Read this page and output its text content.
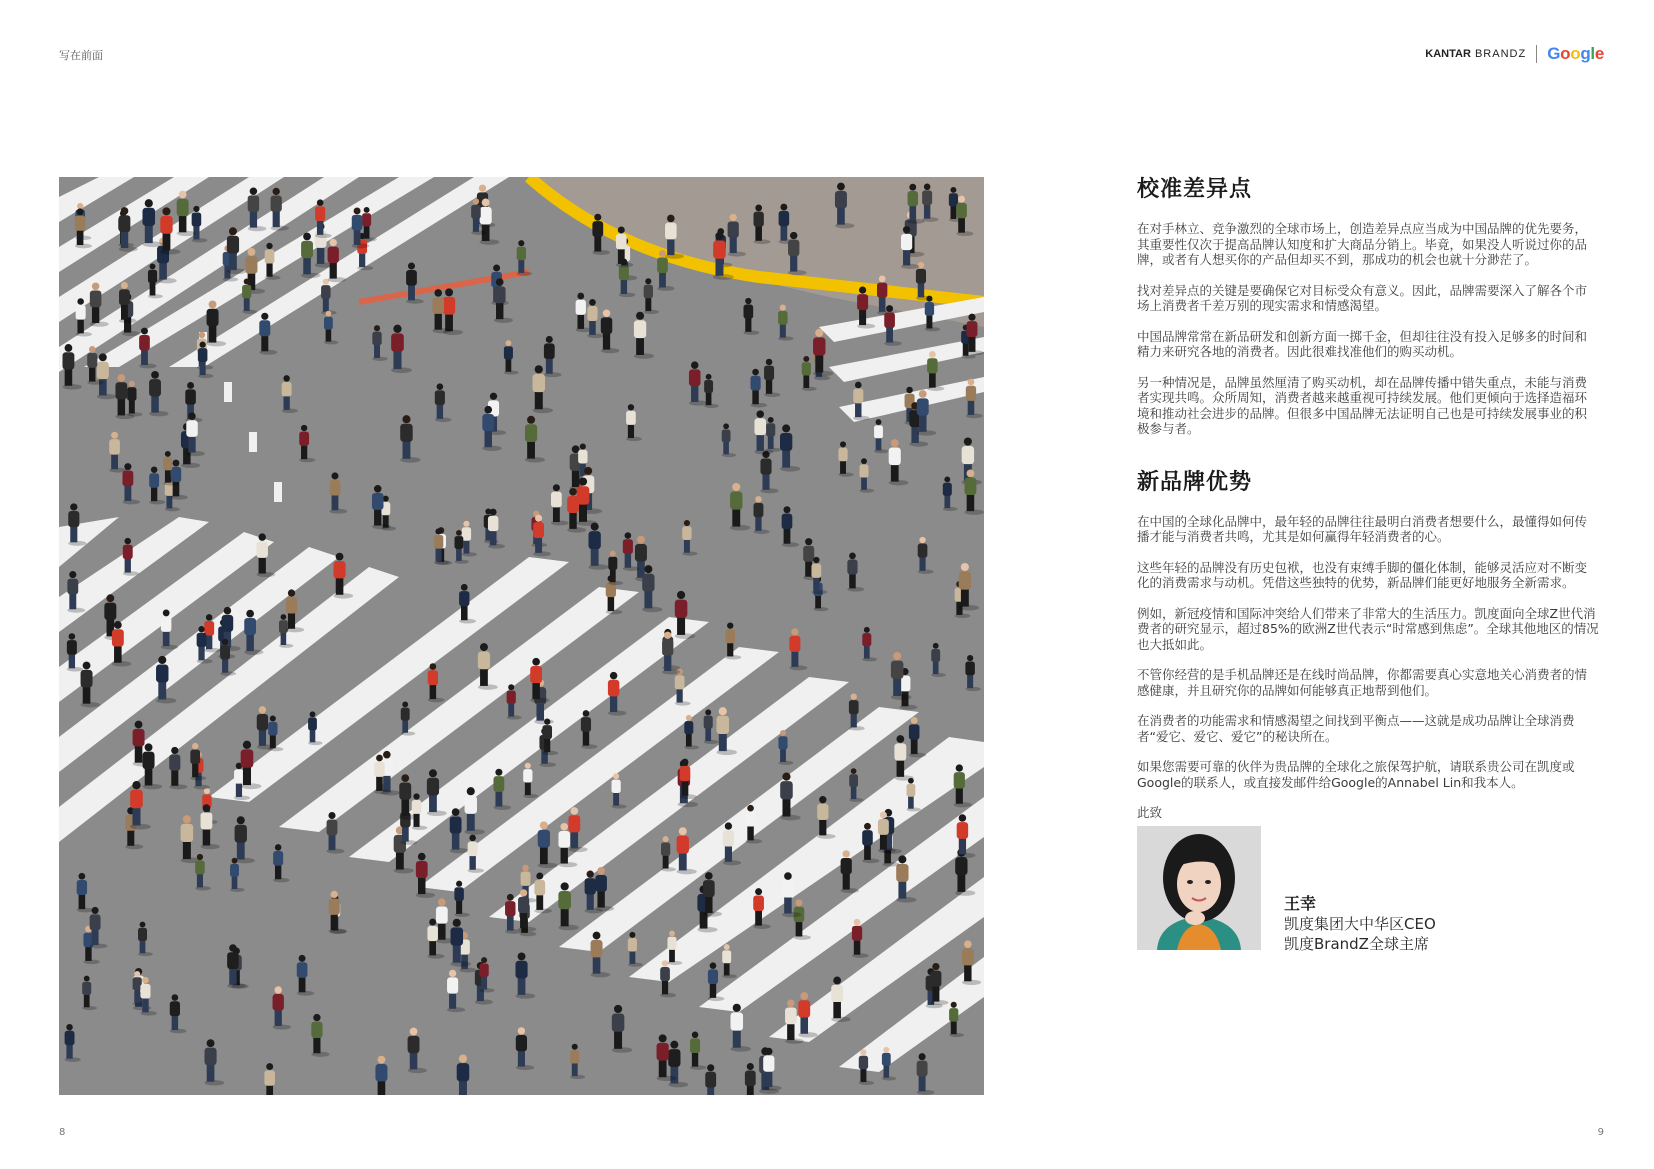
写在前面	KANTAR BRANDZ Google
校准差异点

在对手林立、竞争激烈的全球市场上，创造差异点应当成为中国品牌的优先要务，其重要性仅次于提高品牌认知度和扩大商品分销上。毕竟，如果没人听说过你的品牌，或者有人想买你的产品但却买不到，那成功的机会也就十分渺茫了。

找对差异点的关键是要确保它对目标受众有意义。因此，品牌需要深入了解各个市场上消费者千差万别的现实需求和情感渴望。

中国品牌常常在新品研发和创新方面一掷千金，但却往往没有投入足够多的时间和精力来研究各地的消费者。因此很难找准他们的购买动机。

另一种情况是，品牌虽然厘清了购买动机，却在品牌传播中错失重点，未能与消费者实现共鸣。众所周知，消费者越来越重视可持续发展。他们更倾向于选择造福环境和推动社会进步的品牌。但很多中国品牌无法证明自己也是可持续发展事业的积极参与者。

新品牌优势

在中国的全球化品牌中，最年轻的品牌往往最明白消费者想要什么，最懂得如何传播才能与消费者共鸣，尤其是如何赢得年轻消费者的心。

这些年轻的品牌没有历史包袱，也没有束缚手脚的僵化体制，能够灵活应对不断变化的消费需求与动机。凭借这些独特的优势，新品牌们能更好地服务全新需求。

例如，新冠疫情和国际冲突给人们带来了非常大的生活压力。凯度面向全球Z世代消费者的研究显示，超过85%的欧洲Z世代表示“时常感到焦虑”。全球其他地区的情况也大抵如此。

不管你经营的是手机品牌还是在线时尚品牌，你都需要真心实意地关心消费者的情感健康，并且研究你的品牌如何能够真正地帮到他们。

在消费者的功能需求和情感渴望之间找到平衡点——这就是成功品牌让全球消费者“爱它、爱它、爱它”的秘诀所在。

如果您需要可靠的伙伴为贵品牌的全球化之旅保驾护航，请联系贵公司在凯度或Google的联系人，或直接发邮件给Google的Annabel Lin和我本人。

此致

王幸
凯度集团大中华区CEO
凯度BrandZ全球主席
8	9
